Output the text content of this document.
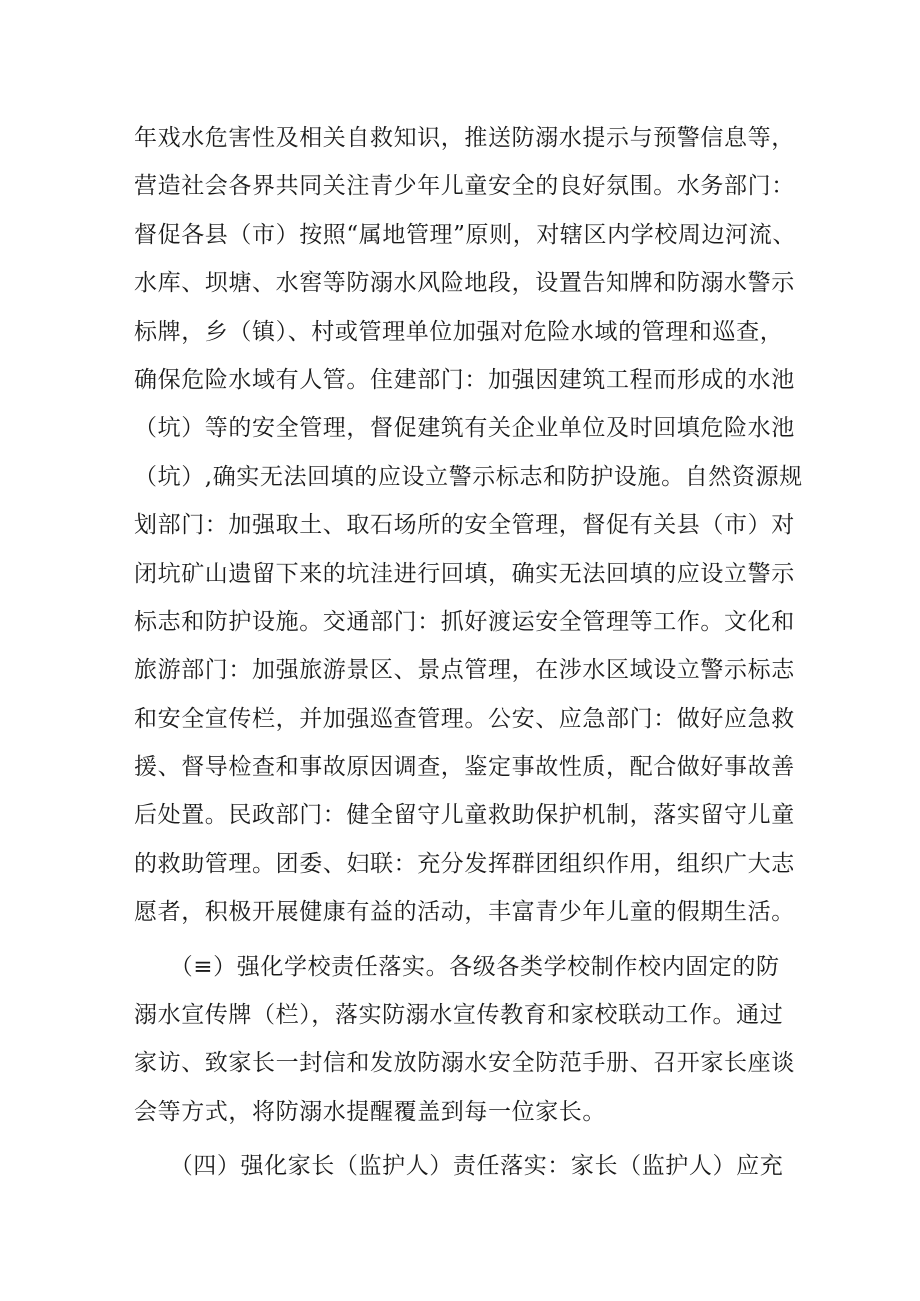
年戏水危害性及相关自救知识，推送防溺水提示与预警信息等，
营造社会各界共同关注青少年儿童安全的良好氛围。水务部门：
督促各县（市）按照“属地管理”原则，对辖区内学校周边河流、
水库、坝塘、水窖等防溺水风险地段，设置告知牌和防溺水警示
标牌，乡（镇）、村或管理单位加强对危险水域的管理和巡查，
确保危险水域有人管。住建部门：加强因建筑工程而形成的水池
（坑）等的安全管理，督促建筑有关企业单位及时回填危险水池
（坑）,确实无法回填的应设立警示标志和防护设施。自然资源规
划部门：加强取土、取石场所的安全管理，督促有关县（市）对
闭坑矿山遗留下来的坑洼进行回填，确实无法回填的应设立警示
标志和防护设施。交通部门：抓好渡运安全管理等工作。文化和
旅游部门：加强旅游景区、景点管理，在涉水区域设立警示标志
和安全宣传栏，并加强巡查管理。公安、应急部门：做好应急救
援、督导检查和事故原因调查，鉴定事故性质，配合做好事故善
后处置。民政部门：健全留守儿童救助保护机制，落实留守儿童
的救助管理。团委、妇联：充分发挥群团组织作用，组织广大志
愿者，积极开展健康有益的活动，丰富青少年儿童的假期生活。
　　（≡）强化学校责任落实。各级各类学校制作校内固定的防
溺水宣传牌（栏），落实防溺水宣传教育和家校联动工作。通过
家访、致家长一封信和发放防溺水安全防范手册、召开家长座谈
会等方式，将防溺水提醒覆盖到每一位家长。
　　（四）强化家长（监护人）责任落实：家长（监护人）应充
